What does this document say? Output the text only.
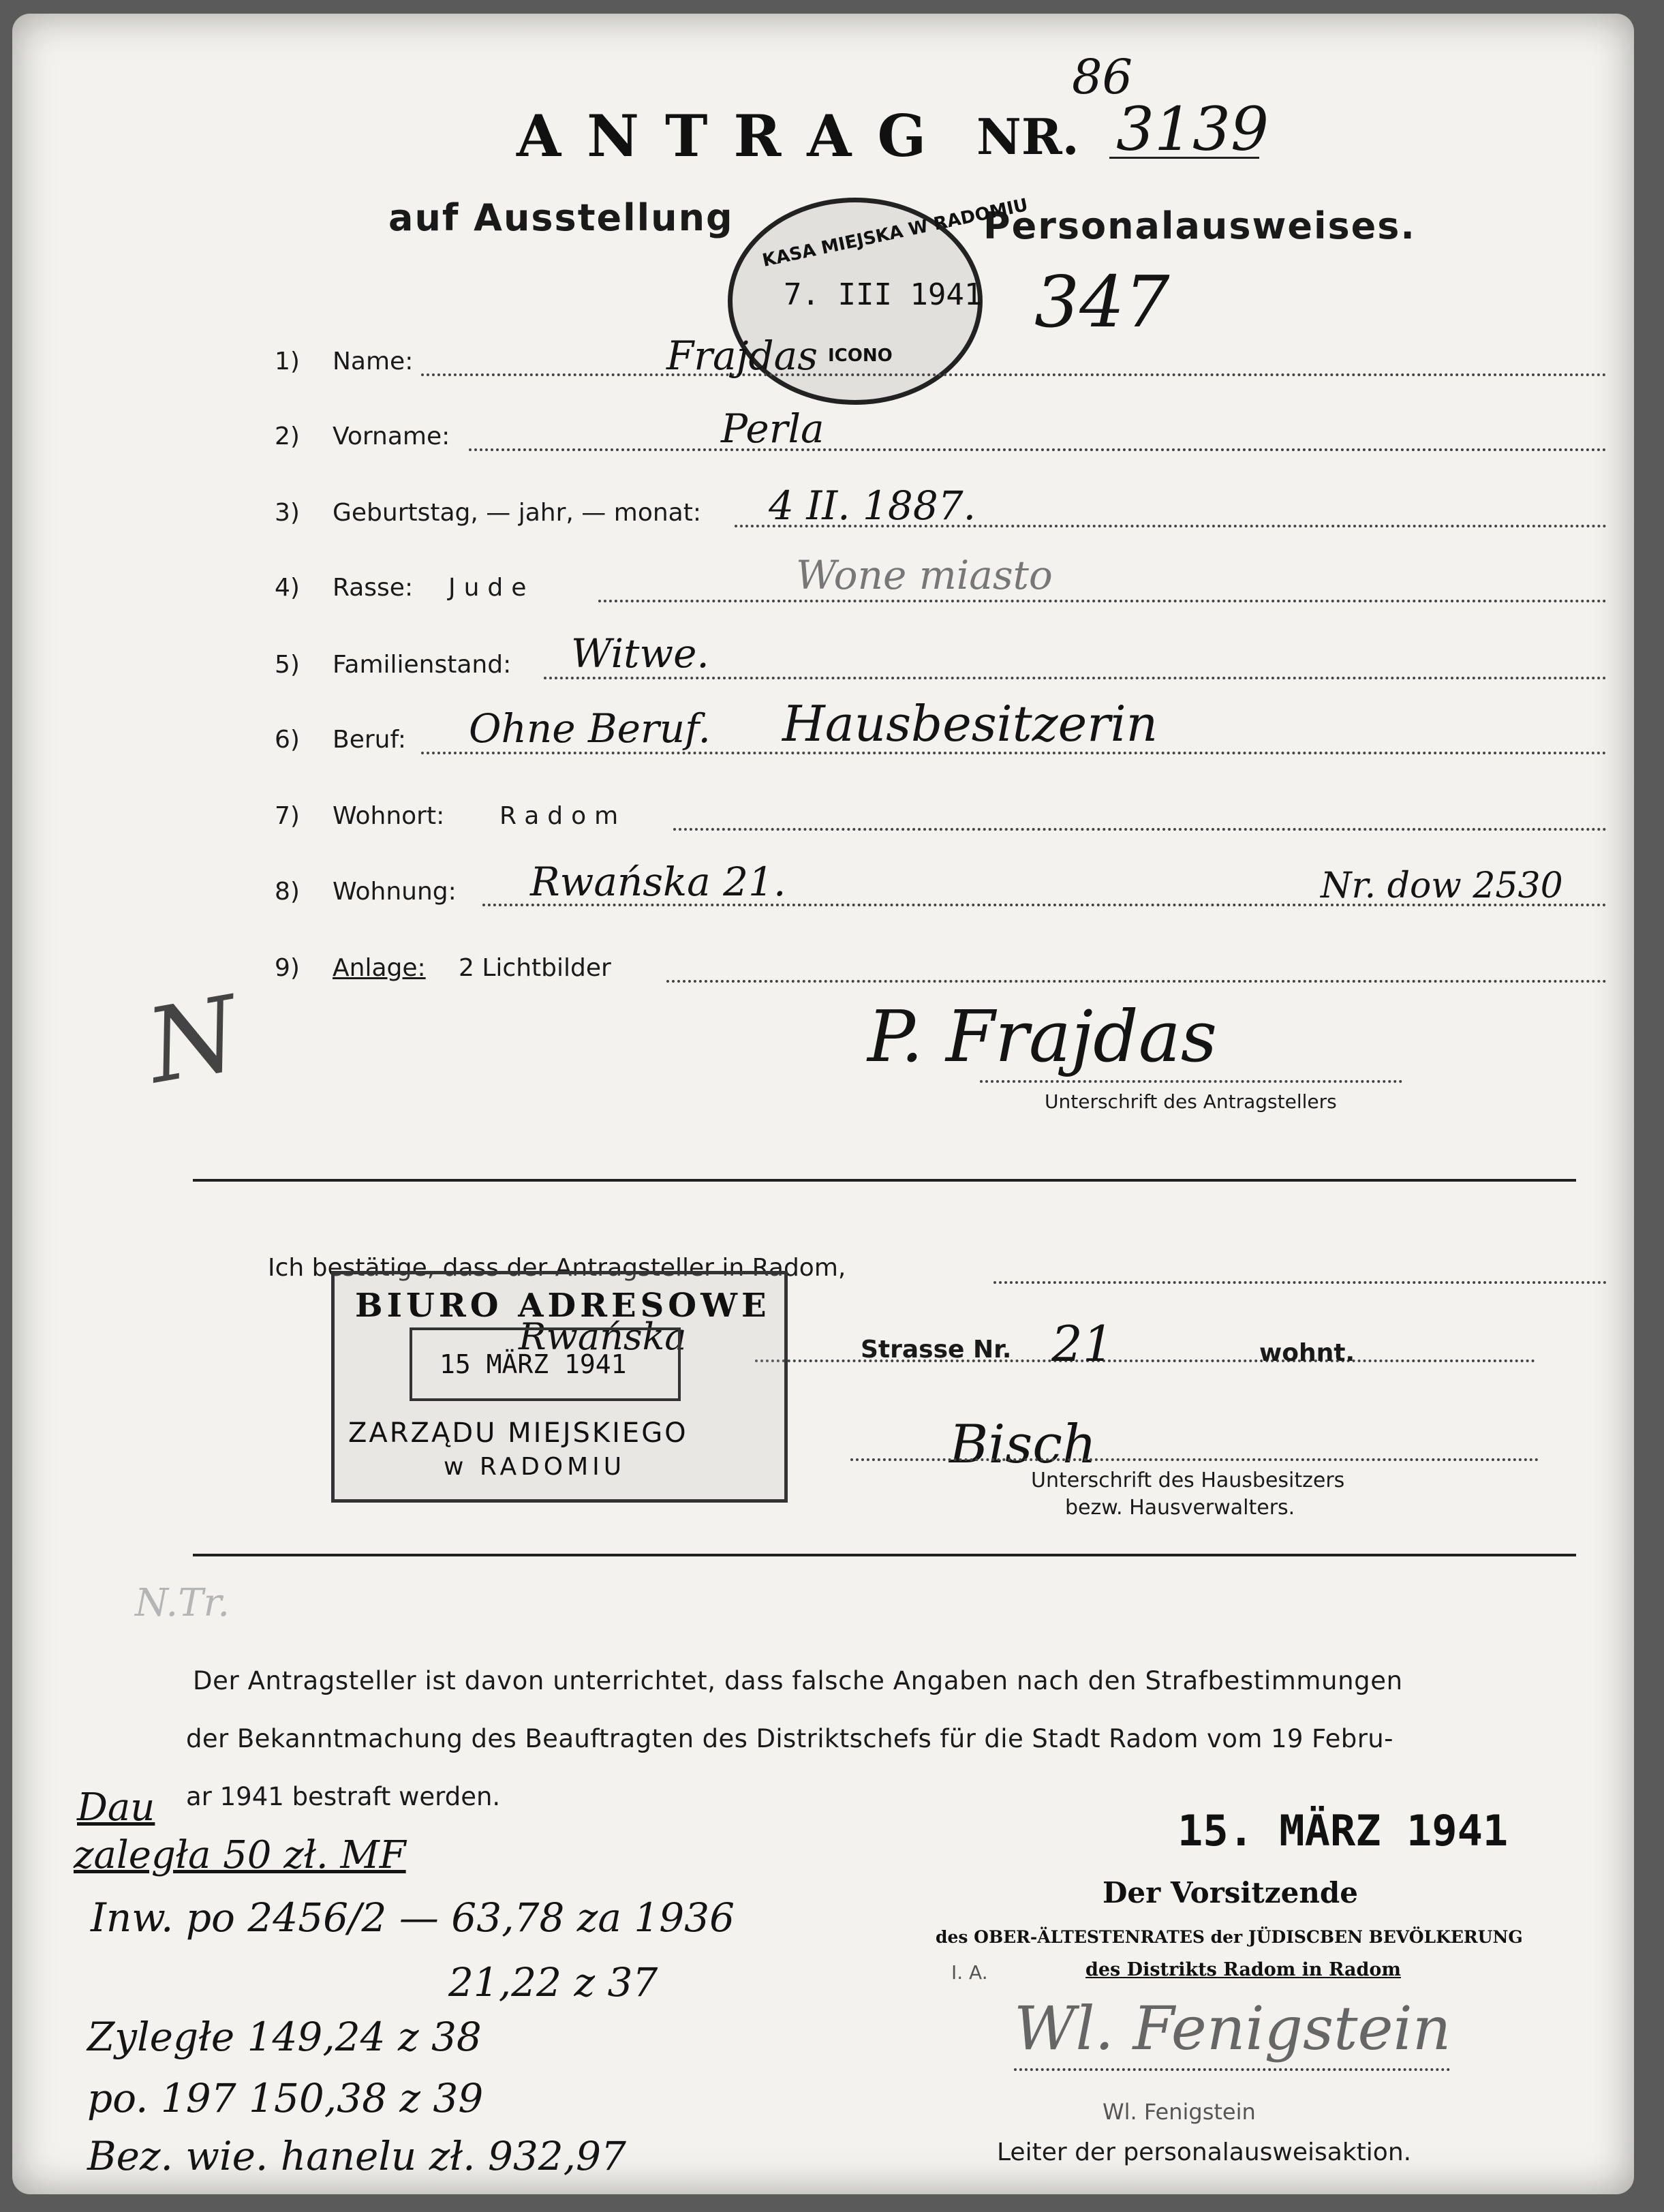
86
ANTRAG NR. 3139
auf Ausstellung	Personalausweises.
347
KASA MIEJSKA W RADOMIU
7. III 1941
ICONO
1) Name:	Frajdas
2) Vorname:	Perla
3) Geburtstag, — jahr, — monat: 4 II. 1887.
4) Rasse: Jude	Wone miasto
5) Familienstand: Witwe.
6) Beruf: Ohne Beruf. Hausbesitzerin
7) Wohnort: Radom
8) Wohnung: Rwańska 21.	Nr. dow 2530
9) Anlage: 2 Lichtbilder
N	P. Frajdas
Unterschrift des Antragstellers
Ich bestätige, dass der Antragsteller in Radom,
Strasse Nr. 21	wohnt.
Bisch
Unterschrift des Hausbesitzers
bezw. Hausverwalters.
BIURO ADRESOWE
Rwańska
15 MÄRZ 1941
ZARZĄDU MIEJSKIEGO
w RADOMIU
N.Tr.
Der Antragsteller ist davon unterrichtet, dass falsche Angaben nach den Strafbestimmungen
der Bekanntmachung des Beauftragten des Distriktschefs für die Stadt Radom vom 19 Febru-
ar 1941 bestraft werden.
Dau
zaległa 50 zł. MF
Inw. po 2456/2 — 63,78 za 1936
21,22 z 37
Zyległe 149,24 z 38
po. 197 150,38 z 39
Bez. wie. hanelu zł. 932,97
15. MÄRZ 1941
Der Vorsitzende
des OBER-ÄLTESTENRATES der JÜDISCBEN BEVÖLKERUNG
I. A.	des Distrikts Radom in Radom
Wl. Fenigstein
Wl. Fenigstein
Leiter der personalausweisaktion.
